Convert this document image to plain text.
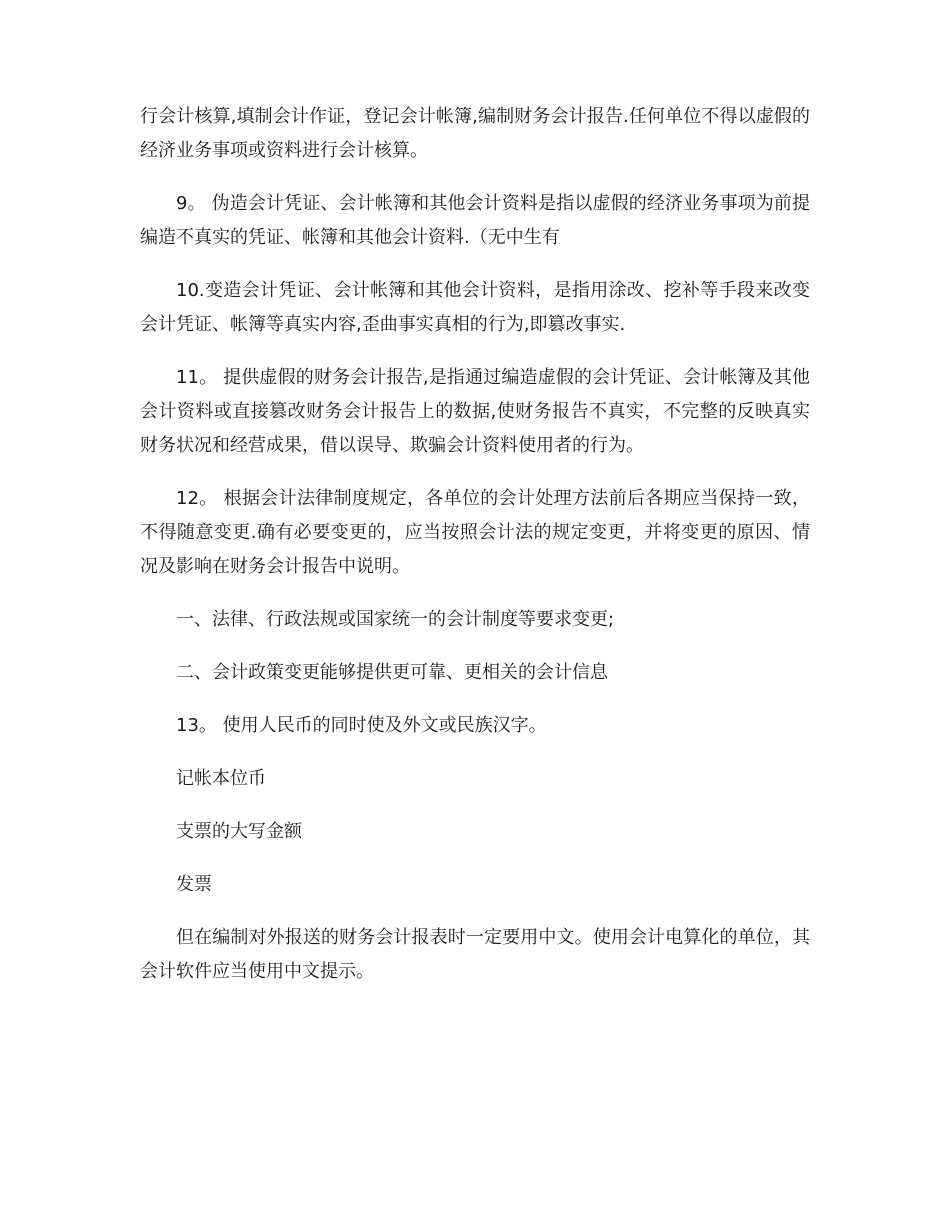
行会计核算,填制会计作证，登记会计帐簿,编制财务会计报告.任何单位不得以虚假的经济业务事项或资料进行会计核算。

9。 伪造会计凭证、会计帐簿和其他会计资料是指以虚假的经济业务事项为前提编造不真实的凭证、帐簿和其他会计资料.（无中生有

10.变造会计凭证、会计帐簿和其他会计资料，是指用涂改、挖补等手段来改变会计凭证、帐簿等真实内容,歪曲事实真相的行为,即篡改事实.

11。 提供虚假的财务会计报告,是指通过编造虚假的会计凭证、会计帐簿及其他会计资料或直接篡改财务会计报告上的数据,使财务报告不真实，不完整的反映真实财务状况和经营成果，借以误导、欺骗会计资料使用者的行为。

12。 根据会计法律制度规定，各单位的会计处理方法前后各期应当保持一致，不得随意变更.确有必要变更的，应当按照会计法的规定变更，并将变更的原因、情况及影响在财务会计报告中说明。

一、法律、行政法规或国家统一的会计制度等要求变更;

二、会计政策变更能够提供更可靠、更相关的会计信息

13。 使用人民币的同时使及外文或民族汉字。

记帐本位币

支票的大写金额

发票

但在编制对外报送的财务会计报表时一定要用中文。使用会计电算化的单位，其会计软件应当使用中文提示。
